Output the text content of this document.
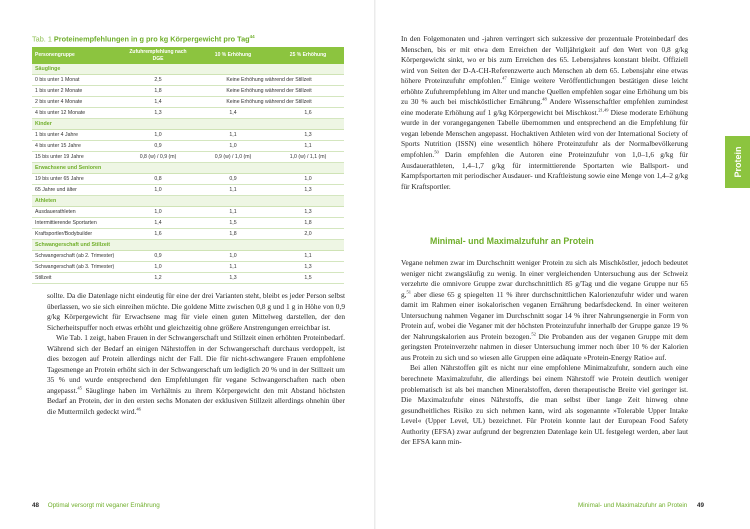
Tab. 1 Proteinempfehlungen in g pro kg Körpergewicht pro Tag$^{44}$
Personengruppe	Zufuhrempfehlung nach DGE	10 % Erhöhung	25 % Erhöhung
Säuglinge			
0 bis unter 1 Monat	2,5	Keine Erhöhung während der Stillzeit	
1 bis unter 2 Monate	1,8	Keine Erhöhung während der Stillzeit	
2 bis unter 4 Monate	1,4	Keine Erhöhung während der Stillzeit	
4 bis unter 12 Monate	1,3	1,4	1,6
Kinder			
1 bis unter 4 Jahre	1,0	1,1	1,3
4 bis unter 15 Jahre	0,9	1,0	1,1
15 bis unter 19 Jahre	0,8 (w) / 0,9 (m)	0,9 (w) / 1,0 (m)	1,0 (w) / 1,1 (m)
Erwachsene und Senioren			
19 bis unter 65 Jahre	0,8	0,9	1,0
65 Jahre und älter	1,0	1,1	1,3
Athleten			
Ausdauerathleten	1,0	1,1	1,3
Intermittierende Sportarten	1,4	1,5	1,8
Kraftsportler/Bodybuilder	1,6	1,8	2,0
Schwangerschaft und Stillzeit			
Schwangerschaft (ab 2. Trimester)	0,9	1,0	1,1
Schwangerschaft (ab 3. Trimester)	1,0	1,1	1,3
Stillzeit	1,2	1,3	1,5

sollte. Da die Datenlage nicht eindeutig für eine der drei Varianten steht, bleibt es jeder Person selbst überlassen, wo sie sich einreihen möchte. Die goldene Mitte zwischen 0,8 g und 1 g in Höhe von 0,9 g/kg Körpergewicht für Erwachsene mag für viele einen guten Mittelweg darstellen, der den Sicherheitspuffer noch etwas erhöht und gleichzeitig ohne größere Anstrengungen erreichbar ist.

Wie Tab. 1 zeigt, haben Frauen in der Schwangerschaft und Stillzeit einen erhöhten Proteinbedarf. Während sich der Bedarf an einigen Nährstoffen in der Schwangerschaft durchaus verdoppelt, ist dies bezogen auf Protein allerdings nicht der Fall. Die für nicht-schwangere Frauen empfohlene Tagesmenge an Protein erhöht sich in der Schwangerschaft um lediglich 20 % und in der Stillzeit um 35 % und wurde entsprechend den Empfehlungen für vegane Schwangerschaften nach oben angepasst.$^{45}$ Säuglinge haben im Verhältnis zu ihrem Körpergewicht den mit Abstand höchsten Bedarf an Protein, der in den ersten sechs Monaten der exklusiven Stillzeit allerdings ohnehin über die Muttermilch gedeckt wird.$^{46}$

48 Optimal versorgt mit veganer Ernährung

In den Folgemonaten und -jahren verringert sich sukzessive der prozentuale Proteinbedarf des Menschen, bis er mit etwa dem Erreichen der Volljährigkeit auf den Wert von 0,8 g/kg Körpergewicht sinkt, wo er bis zum Erreichen des 65. Lebensjahres konstant bleibt. Offiziell wird von Seiten der D-A-CH-Referenzwerte auch Menschen ab dem 65. Lebensjahr eine etwas höhere Proteinzufuhr empfohlen.$^{47}$ Einige weitere Veröffentlichungen bestätigen diese leicht erhöhte Zufuhrempfehlung im Alter und manche Quellen empfehlen sogar eine Erhöhung um bis zu 30 % auch bei mischköstlicher Ernährung.$^{48}$ Andere Wissenschaftler empfehlen zumindest eine moderate Erhöhung auf 1 g/kg Körpergewicht bei Mischkost.$^{21,49}$ Diese moderate Erhöhung wurde in der vorangegangenen Tabelle übernommen und entsprechend an die Empfehlung für vegan lebende Menschen angepasst. Hochaktiven Athleten wird von der International Society of Sports Nutrition (ISSN) eine wesentlich höhere Proteinzufuhr als der Normalbevölkerung empfohlen.$^{50}$ Darin empfehlen die Autoren eine Proteinzufuhr von 1,0–1,6 g/kg für Ausdauerathleten, 1,4–1,7 g/kg für intermittierende Sportarten wie Ballsport- und Kampfsportarten mit periodischer Ausdauer- und Kraftleistung sowie eine Menge von 1,4–2 g/kg für Kraftsportler.

Minimal- und Maximalzufuhr an Protein

Vegane nehmen zwar im Durchschnitt weniger Protein zu sich als Mischköstler, jedoch bedeutet weniger nicht zwangsläufig zu wenig. In einer vergleichenden Untersuchung aus der Schweiz verzehrte die omnivore Gruppe zwar durchschnittlich 85 g/Tag und die vegane Gruppe nur 65 g,$^{51}$ aber diese 65 g spiegelten 11 % ihrer durchschnittlichen Kalorienzufuhr wider und waren damit im Rahmen einer isokalorischen veganen Ernährung bedarfsdeckend. In einer weiteren Untersuchung nahmen Veganer im Durchschnitt sogar 14 % ihrer Nahrungsenergie in Form von Protein auf, wobei die Veganer mit der höchsten Proteinzufuhr innerhalb der Gruppe ganze 19 % der Nahrungskalorien aus Protein bezogen.$^{52}$ Die Probanden aus der veganen Gruppe mit dem geringsten Proteinverzehr nahmen in dieser Untersuchung immer noch über 10 % der Kalorien aus Protein zu sich und so wiesen alle Gruppen eine adäquate »Protein-Energy Ratio« auf.

Bei allen Nährstoffen gilt es nicht nur eine empfohlene Minimalzufuhr, sondern auch eine berechnete Maximalzufuhr, die allerdings bei einem Nährstoff wie Protein deutlich weniger problematisch ist als bei manchen Mineralstoffen, deren therapeutische Breite viel geringer ist. Die Maximalzufuhr eines Nährstoffs, die man selbst über lange Zeit hinweg ohne gesundheitliches Risiko zu sich nehmen kann, wird als sogenannte »Tolerable Upper Intake Level« (Upper Level, UL) bezeichnet. Für Protein konnte laut der European Food Safety Authority (EFSA) zwar aufgrund der begrenzten Datenlage kein UL festgelegt werden, aber laut der EFSA kann min-

Protein
Minimal- und Maximalzufuhr an Protein 49
